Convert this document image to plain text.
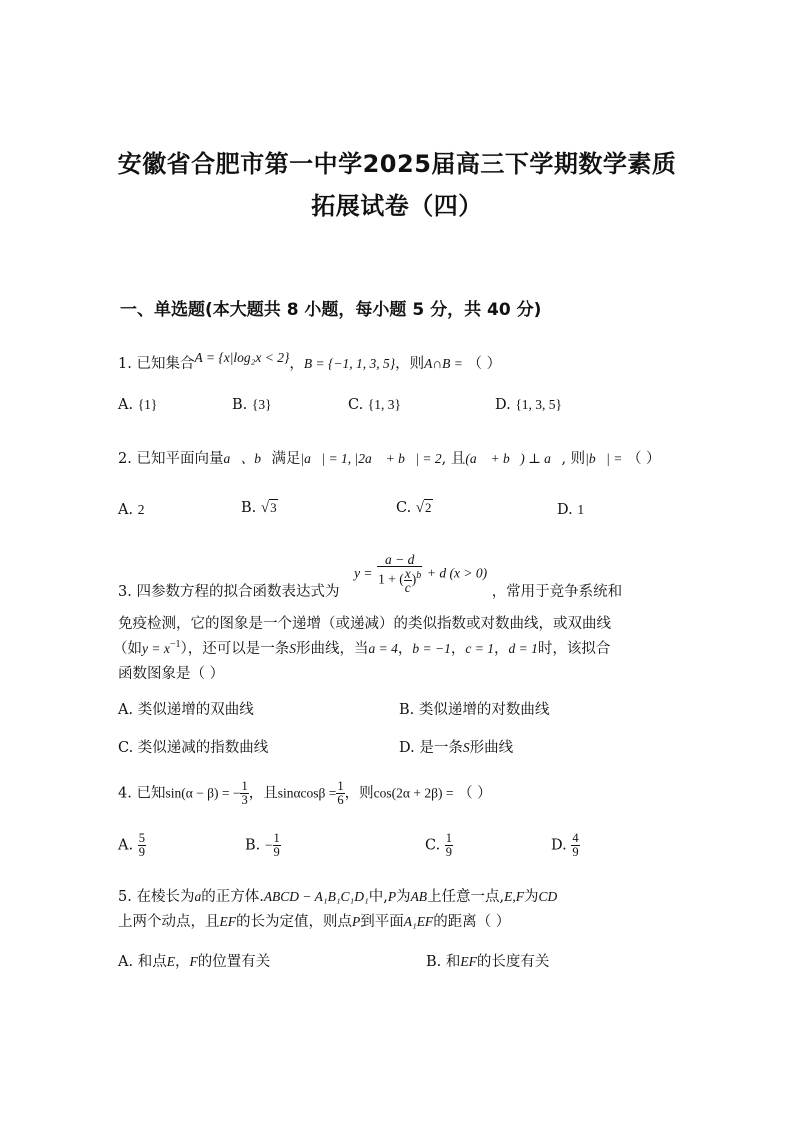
安徽省合肥市第一中学2025届高三下学期数学素质
拓展试卷（四）
一、单选题(本大题共 8 小题，每小题 5 分，共 40 分)
1. 已知集合A = {x|log₂x < 2}，B = {−1, 1, 3, 5}，则A∩B = （ ）
A. {1}	B. {3}	C. {1, 3}	D. {1, 3, 5}
2. 已知平面向量a⃗、b⃗满足|a⃗| = 1, |2a⃗ + b⃗| = 2, 且(a⃗ + b⃗) ⊥ a⃗, 则|b⃗| = （ ）
A. 2	B. √3	C. √2	D. 1
3. 四参数方程的拟合函数表达式为 $y = \frac{a - d}{1 + ( \frac{x}{c} )^b} + d$ (x > 0) ，常用于竞争系统和
免疫检测，它的图象是一个递增（或递减）的类似指数或对数曲线，或双曲线
（如$y = x^{-1}$），还可以是一条S形曲线，当a = 4，b = −1，c = 1，d = 1时，该拟合
函数图象是（ ）
A. 类似递增的双曲线	B. 类似递增的对数曲线
C. 类似递减的指数曲线	D. 是一条S形曲线
4. 已知sin(α − β) = − $\frac{1}{3}$ ，且$\sin\alpha\cos\beta = \frac{1}{6}$ ，则cos(2α + 2β) = （ ）
A. $\frac{5}{9}$	B. − $\frac{1}{9}$	C. $\frac{1}{9}$	D. $\frac{4}{9}$
5. 在棱长为a的正方体.ABCD − A₁B₁C₁D₁中,P为AB上任意一点,E,F为CD
上两个动点，且EF的长为定值，则点P到平面A₁EF的距离（ ）
A. 和点E，F的位置有关	B. 和EF的长度有关
